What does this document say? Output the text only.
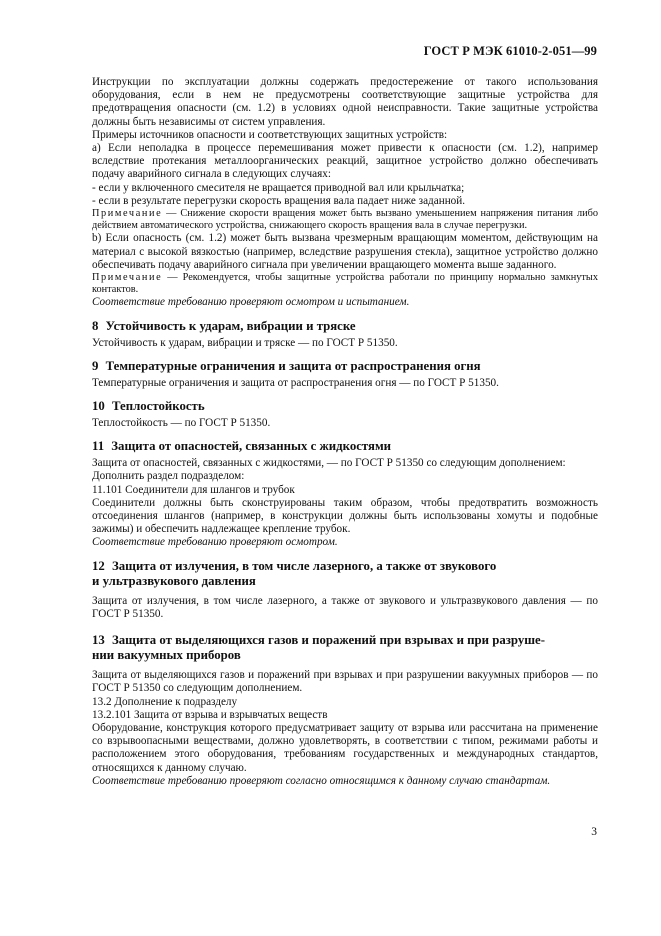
ГОСТ Р МЭК 61010-2-051—99

Инструкции по эксплуатации должны содержать предостережение от такого использования оборудования, если в нем не предусмотрены соответствующие защитные устройства для предотвращения опасности (см. 1.2) в условиях одной неисправности. Такие защитные устройства должны быть независимы от систем управления.

Примеры источников опасности и соответствующих защитных устройств:

а) Если неполадка в процессе перемешивания может привести к опасности (см. 1.2), например вследствие протекания металлоорганических реакций, защитное устройство должно обеспечивать подачу аварийного сигнала в следующих случаях:

- если у включенного смесителя не вращается приводной вал или крыльчатка;

- если в результате перегрузки скорость вращения вала падает ниже заданной.

Примечание — Снижение скорости вращения может быть вызвано уменьшением напряжения питания либо действием автоматического устройства, снижающего скорость вращения вала в случае перегрузки.

b) Если опасность (см. 1.2) может быть вызвана чрезмерным вращающим моментом, действующим на материал с высокой вязкостью (например, вследствие разрушения стекла), защитное устройство должно обеспечивать подачу аварийного сигнала при увеличении вращающего момента выше заданного.

Примечание — Рекомендуется, чтобы защитные устройства работали по принципу нормально замкнутых контактов.

Соответствие требованию проверяют осмотром и испытанием.

8 Устойчивость к ударам, вибрации и тряске

Устойчивость к ударам, вибрации и тряске — по ГОСТ Р 51350.

9 Температурные ограничения и защита от распространения огня

Температурные ограничения и защита от распространения огня — по ГОСТ Р 51350.

10 Теплостойкость

Теплостойкость — по ГОСТ Р 51350.

11 Защита от опасностей, связанных с жидкостями

Защита от опасностей, связанных с жидкостями, — по ГОСТ Р 51350 со следующим дополнением:

Дополнить раздел подразделом:

11.101 Соединители для шлангов и трубок

Соединители должны быть сконструированы таким образом, чтобы предотвратить возможность отсоединения шлангов (например, в конструкции должны быть использованы хомуты и подобные зажимы) и обеспечить надлежащее крепление трубок.

Соответствие требованию проверяют осмотром.

12 Защита от излучения, в том числе лазерного, а также от звукового
и ультразвукового давления

Защита от излучения, в том числе лазерного, а также от звукового и ультразвукового давления — по ГОСТ Р 51350.

13 Защита от выделяющихся газов и поражений при взрывах и при разруше-
нии вакуумных приборов

Защита от выделяющихся газов и поражений при взрывах и при разрушении вакуумных приборов — по ГОСТ Р 51350 со следующим дополнением.

13.2 Дополнение к подразделу

13.2.101 Защита от взрыва и взрывчатых веществ

Оборудование, конструкция которого предусматривает защиту от взрыва или рассчитана на применение со взрывоопасными веществами, должно удовлетворять, в соответствии с типом, режимами работы и расположением этого оборудования, требованиям государственных и международных стандартов, относящихся к данному случаю.

Соответствие требованию проверяют согласно относящимся к данному случаю стандартам.

3
